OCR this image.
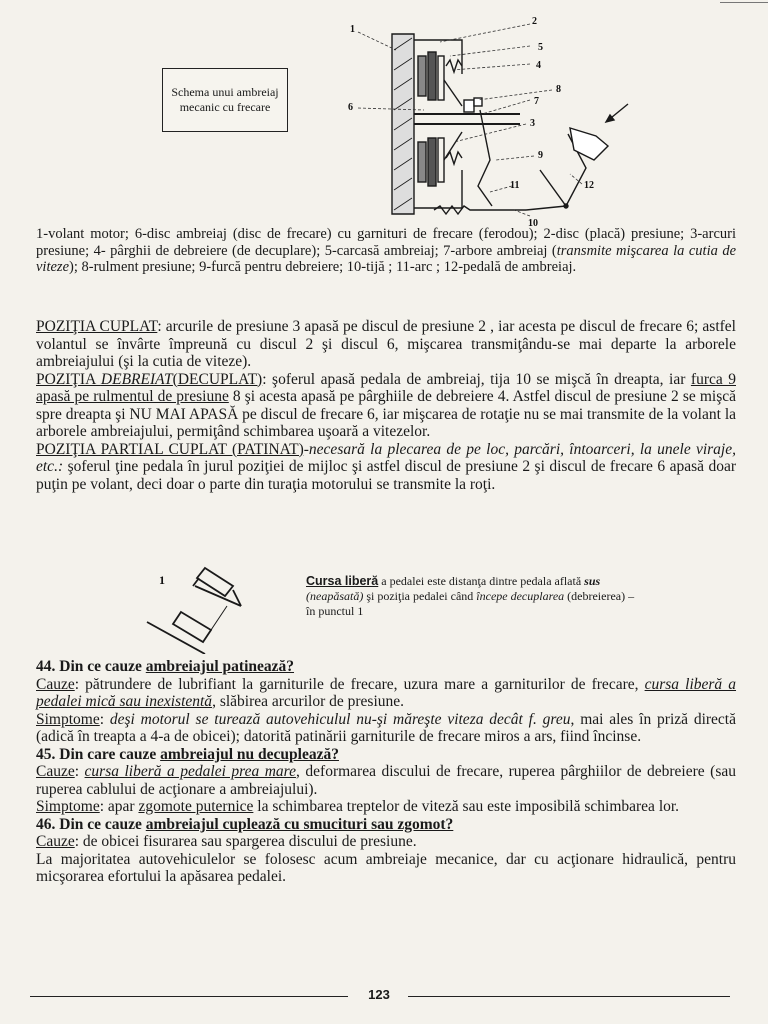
1
2
5
4
8
6
7
3
9
11	12
10
Schema unui ambreiaj mecanic cu frecare

1-volant motor; 6-disc ambreiaj (disc de frecare) cu garnituri de frecare (ferodou); 2-disc (placă) presiune; 3-arcuri presiune; 4- pârghii de debreiere (de decuplare); 5-carcasă ambreiaj; 7-arbore ambreiaj (transmite mişcarea la cutia de viteze); 8-rulment presiune; 9-furcă pentru debreiere; 10-tijă ; 11-arc ; 12-pedală de ambreiaj.

POZIŢIA CUPLAT: arcurile de presiune 3 apasă pe discul de presiune 2 , iar acesta pe discul de frecare 6; astfel volantul se învârte împreună cu discul 2 şi discul 6, mişcarea transmiţându-se mai departe la arborele ambreiajului (şi la cutia de viteze).

POZIŢIA DEBREIAT(DECUPLAT): şoferul apasă pedala de ambreiaj, tija 10 se mişcă în dreapta, iar furca 9 apasă pe rulmentul de presiune 8 şi acesta apasă pe pârghiile de debreiere 4. Astfel discul de presiune 2 se mişcă spre dreapta şi NU MAI APASĂ pe discul de frecare 6, iar mişcarea de rotaţie nu se mai transmite de la volant la arborele ambreiajului, permiţând schimbarea uşoară a vitezelor.

POZIŢIA PARTIAL CUPLAT (PATINAT)-necesară la plecarea de pe loc, parcări, întoarceri, la unele viraje, etc.: şoferul ţine pedala în jurul poziţiei de mijloc şi astfel discul de presiune 2 şi discul de frecare 6 apasă doar puţin pe volant, deci doar o parte din turaţia motorului se transmite la roţi.

1	Cursa liberă a pedalei este distanţa dintre pedala aflată sus (neapăsată) şi poziţia pedalei când începe decuplarea (debreierea) – în punctul 1

44. Din ce cauze ambreiajul patinează?

Cauze: pătrundere de lubrifiant la garniturile de frecare, uzura mare a garniturilor de frecare, cursa liberă a pedalei mică sau inexistentă, slăbirea arcurilor de presiune.

Simptome: deşi motorul se turează autovehiculul nu-şi măreşte viteza decât f. greu, mai ales în priză directă (adică în treapta a 4-a de obicei); datorită patinării garniturile de frecare miros a ars, fiind încinse.

45. Din care cauze ambreiajul nu decuplează?

Cauze: cursa liberă a pedalei prea mare, deformarea discului de frecare, ruperea pârghiilor de debreiere (sau ruperea cablului de acţionare a ambreiajului).

Simptome: apar zgomote puternice la schimbarea treptelor de viteză sau este imposibilă schimbarea lor.

46. Din ce cauze ambreiajul cuplează cu smucituri sau zgomot?

Cauze: de obicei fisurarea sau spargerea discului de presiune.

La majoritatea autovehiculelor se folosesc acum ambreiaje mecanice, dar cu acţionare hidraulică, pentru micşorarea efortului la apăsarea pedalei.

123
